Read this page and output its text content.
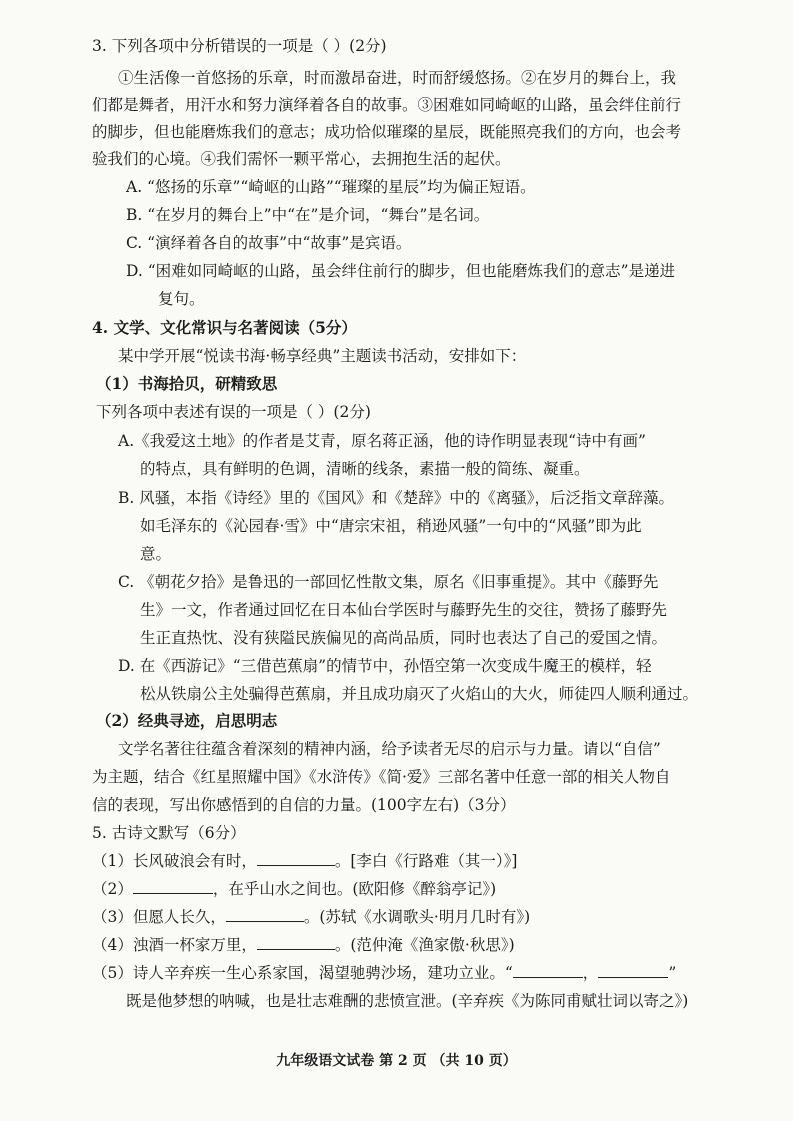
3. 下列各项中分析错误的一项是（ ）(2分)
①生活像一首悠扬的乐章，时而激昂奋进，时而舒缓悠扬。②在岁月的舞台上，我
们都是舞者，用汗水和努力演绎着各自的故事。③困难如同崎岖的山路，虽会绊住前行
的脚步，但也能磨炼我们的意志；成功恰似璀璨的星辰，既能照亮我们的方向，也会考
验我们的心境。④我们需怀一颗平常心，去拥抱生活的起伏。
A. “悠扬的乐章”“崎岖的山路”“璀璨的星辰”均为偏正短语。
B. “在岁月的舞台上”中“在”是介词，“舞台”是名词。
C. “演绎着各自的故事”中“故事”是宾语。
D. “困难如同崎岖的山路，虽会绊住前行的脚步，但也能磨炼我们的意志”是递进
复句。
4. 文学、文化常识与名著阅读（5分）
某中学开展“悦读书海·畅享经典”主题读书活动，安排如下：
（1）书海拾贝，研精致思
下列各项中表述有误的一项是（ ）(2分)
A.《我爱这土地》的作者是艾青，原名蒋正涵，他的诗作明显表现“诗中有画”
的特点，具有鲜明的色调，清晰的线条，素描一般的简练、凝重。
B. 风骚，本指《诗经》里的《国风》和《楚辞》中的《离骚》，后泛指文章辞藻。
如毛泽东的《沁园春·雪》中“唐宗宋祖，稍逊风骚”一句中的“风骚”即为此
意。
C. 《朝花夕拾》是鲁迅的一部回忆性散文集，原名《旧事重提》。其中《藤野先
生》一文，作者通过回忆在日本仙台学医时与藤野先生的交往，赞扬了藤野先
生正直热忱、没有狭隘民族偏见的高尚品质，同时也表达了自己的爱国之情。
D. 在《西游记》“三借芭蕉扇”的情节中，孙悟空第一次变成牛魔王的模样，轻
松从铁扇公主处骗得芭蕉扇，并且成功扇灭了火焰山的大火，师徒四人顺利通过。
（2）经典寻迹，启思明志
文学名著往往蕴含着深刻的精神内涵，给予读者无尽的启示与力量。请以“自信”
为主题，结合《红星照耀中国》《水浒传》《简·爱》三部名著中任意一部的相关人物自
信的表现，写出你感悟到的自信的力量。(100字左右)（3分）
5. 古诗文默写（6分）
（1）长风破浪会有时，	。[李白《行路难（其一）》]
（2）	，在乎山水之间也。(欧阳修《醉翁亭记》)
（3）但愿人长久，	。(苏轼《水调歌头·明月几时有》)
（4）浊酒一杯家万里，	。(范仲淹《渔家傲·秋思》)
（5）诗人辛弃疾一生心系家国，渴望驰骋沙场，建功立业。“	，	”
既是他梦想的呐喊，也是壮志难酬的悲愤宣泄。(辛弃疾《为陈同甫赋壮词以寄之》)
九年级语文试卷 第 2 页 （共 10 页）
